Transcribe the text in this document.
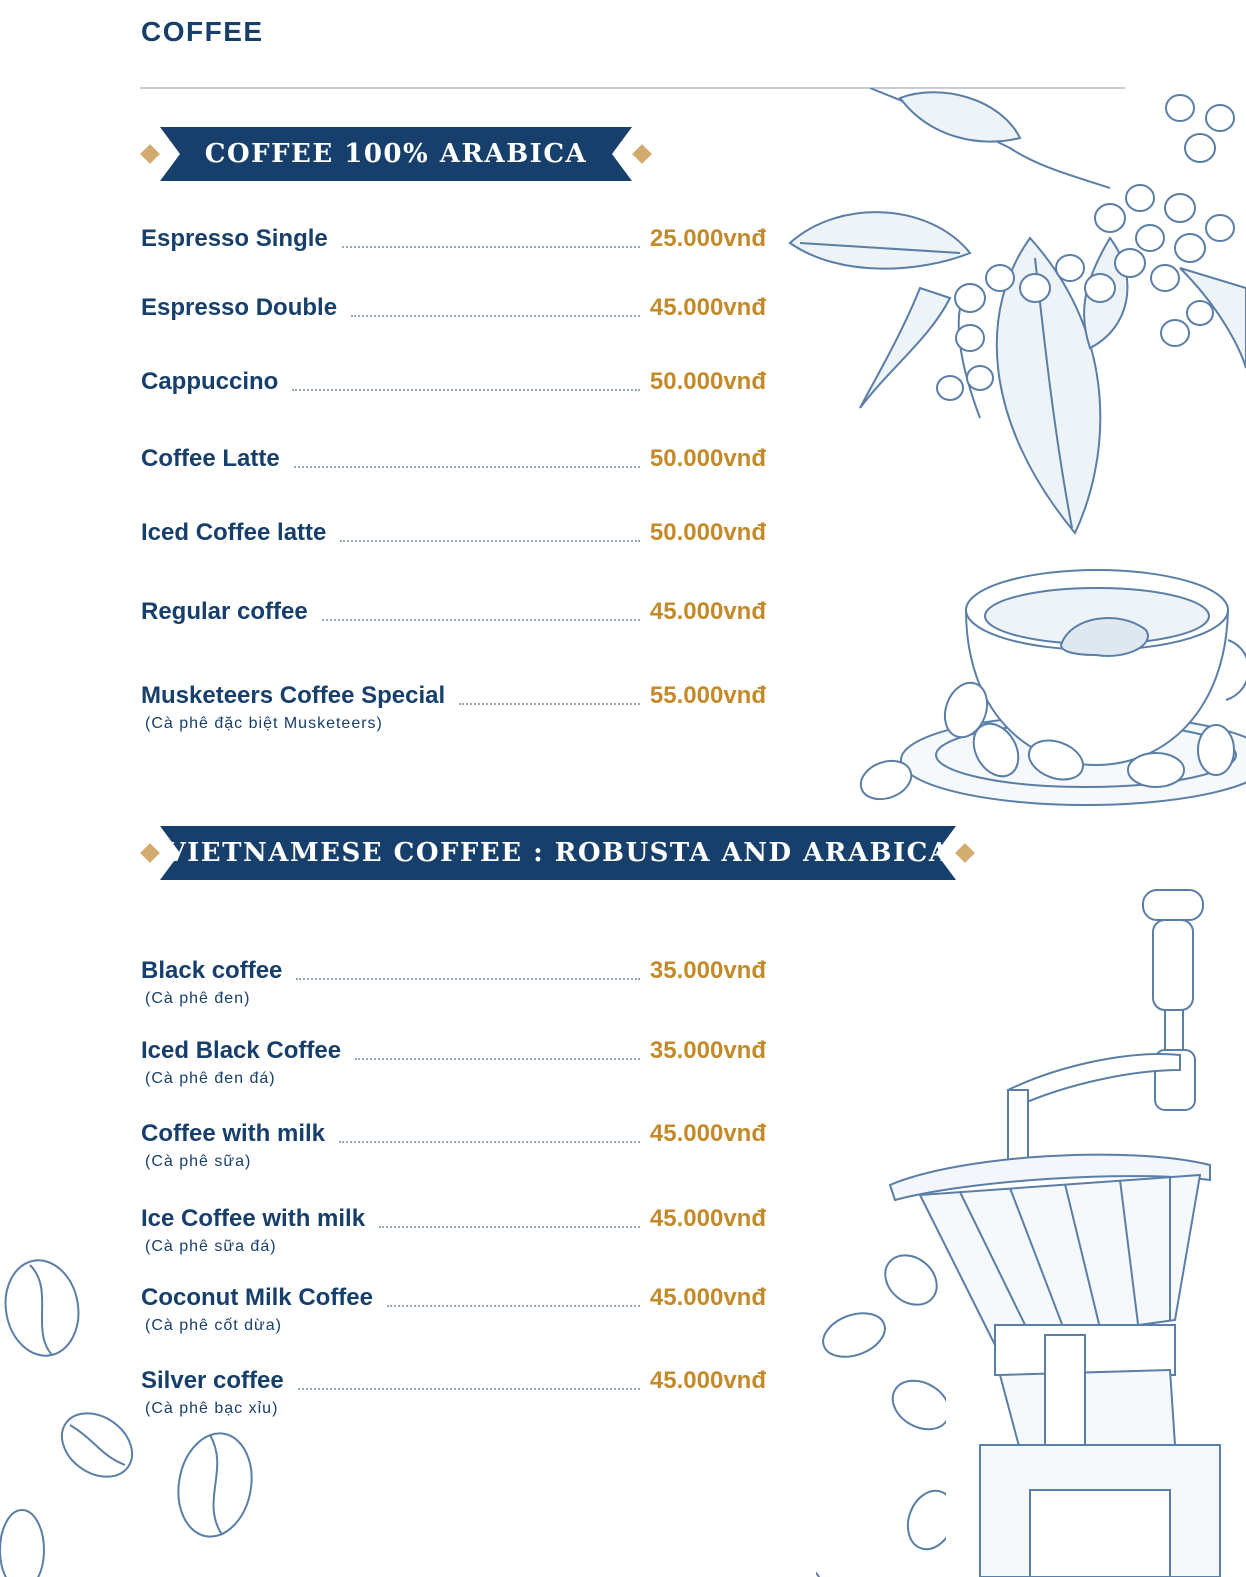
COFFEE
COFFEE 100% ARABICA
Espresso Single	25.000vnđ
Espresso Double	45.000vnđ
Cappuccino	50.000vnđ
Coffee Latte	50.000vnđ
Iced Coffee latte	50.000vnđ
Regular coffee	45.000vnđ
Musketeers Coffee Special	55.000vnđ
(Cà phê đặc biệt Musketeers)
VIETNAMESE COFFEE : ROBUSTA AND ARABICA
Black coffee	35.000vnđ
(Cà phê đen)
Iced Black Coffee	35.000vnđ
(Cà phê đen đá)
Coffee with milk	45.000vnđ
(Cà phê sữa)
Ice Coffee with milk	45.000vnđ
(Cà phê sữa đá)
Coconut Milk Coffee	45.000vnđ
(Cà phê cốt dừa)
Silver coffee	45.000vnđ
(Cà phê bạc xỉu)
